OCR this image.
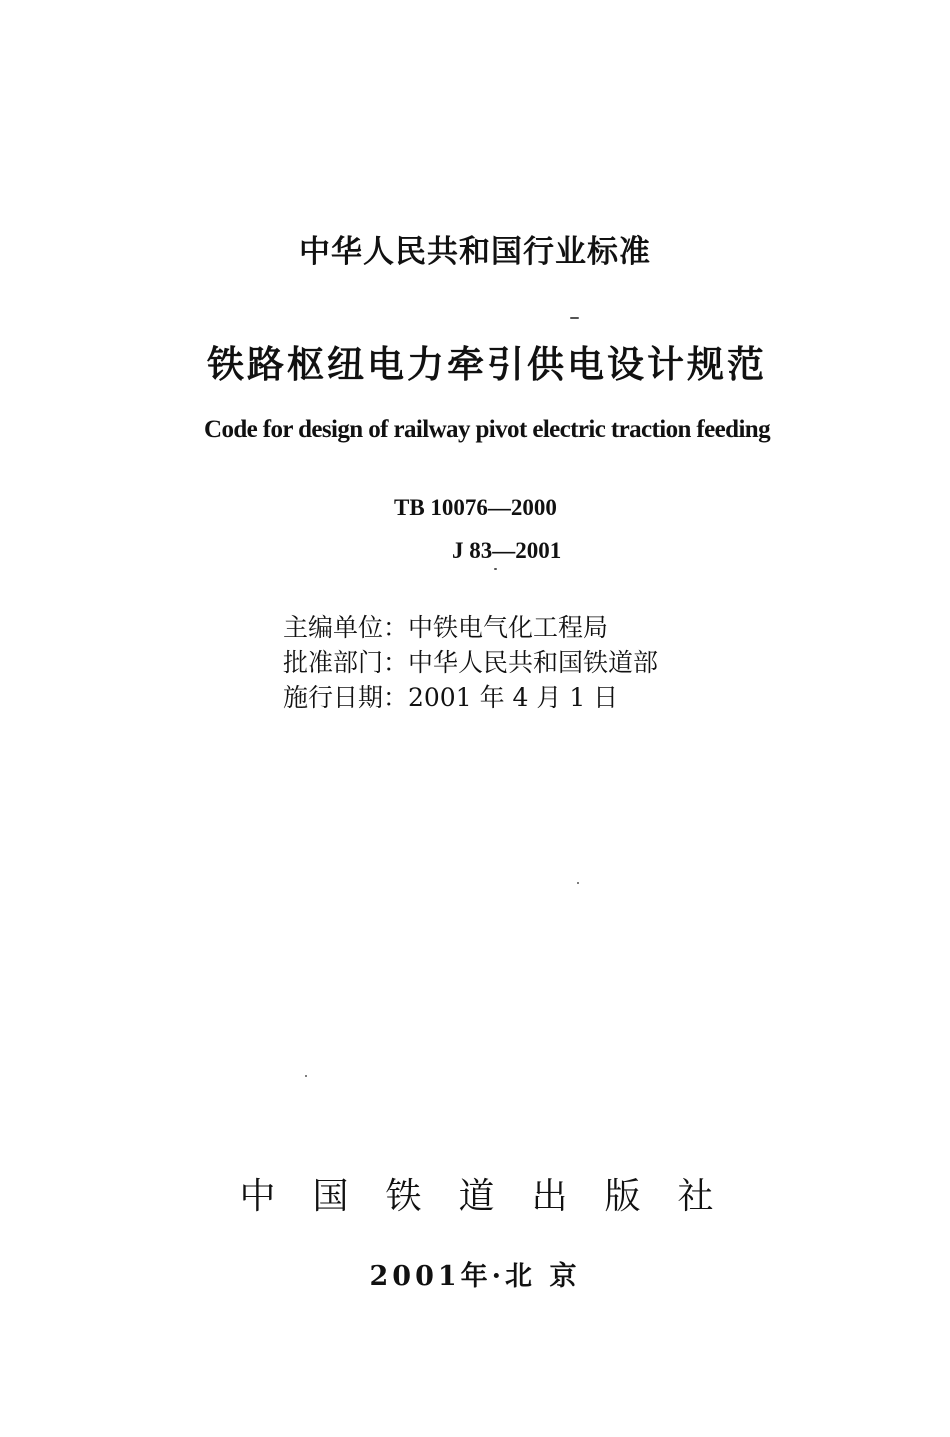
中华人民共和国行业标准
铁路枢纽电力牵引供电设计规范
Code for design of railway pivot electric traction feeding
TB 10076—2000
J 83—2001
主编单位：中铁电气化工程局
批准部门：中华人民共和国铁道部
施行日期：2001 年 4 月 1 日
中国铁道出版社
2001年·北 京
